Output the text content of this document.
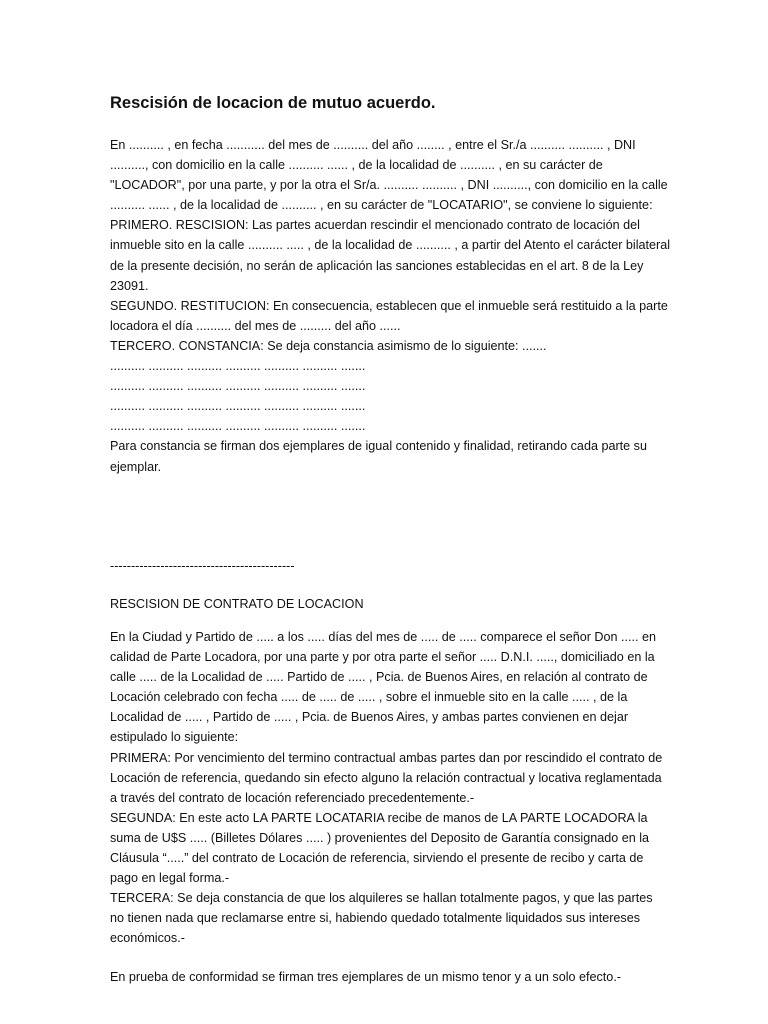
Rescisión de locacion de mutuo acuerdo.

En .......... , en fecha ........... del mes de .......... del año ........ , entre el Sr./a .......... .......... , DNI .........., con domicilio en la calle .......... ...... , de la localidad de .......... , en su carácter de "LOCADOR", por una parte, y por la otra el Sr/a. .......... .......... , DNI .........., con domicilio en la calle .......... ...... , de la localidad de .......... , en su carácter de "LOCATARIO", se conviene lo siguiente:

PRIMERO. RESCISION: Las partes acuerdan rescindir el mencionado contrato de locación del inmueble sito en la calle .......... ..... , de la localidad de .......... , a partir del Atento el carácter bilateral de la presente decisión, no serán de aplicación las sanciones establecidas en el art. 8 de la Ley 23091.

SEGUNDO. RESTITUCION: En consecuencia, establecen que el inmueble será restituido a la parte locadora el día .......... del mes de ......... del año ......

TERCERO. CONSTANCIA: Se deja constancia asimismo de lo siguiente: .......

.......... .......... .......... .......... .......... .......... .......

.......... .......... .......... .......... .......... .......... .......

.......... .......... .......... .......... .......... .......... .......

.......... .......... .......... .......... .......... .......... .......

Para constancia se firman dos ejemplares de igual contenido y finalidad, retirando cada parte su ejemplar.

--------------------------------------------
RESCISION DE CONTRATO DE LOCACION

En la Ciudad y Partido de ..... a los ..... días del mes de ..... de ..... comparece el señor Don ..... en calidad de Parte Locadora, por una parte y por otra parte el señor ..... D.N.I. ....., domiciliado en la calle ..... de la Localidad de ..... Partido de ..... , Pcia. de Buenos Aires, en relación al contrato de Locación celebrado con fecha ..... de ..... de ..... , sobre el inmueble sito en la calle ..... , de la Localidad de ..... , Partido de ..... , Pcia. de Buenos Aires, y ambas partes convienen en dejar estipulado lo siguiente:

PRIMERA: Por vencimiento del termino contractual ambas partes dan por rescindido el contrato de Locación de referencia, quedando sin efecto alguno la relación contractual y locativa reglamentada a través del contrato de locación referenciado precedentemente.-

SEGUNDA: En este acto LA PARTE LOCATARIA recibe de manos de LA PARTE LOCADORA la suma de U$S ..... (Billetes Dólares ..... ) provenientes del Deposito de Garantía consignado en la Cláusula “.....” del contrato de Locación de referencia, sirviendo el presente de recibo y carta de pago en legal forma.-

TERCERA: Se deja constancia de que los alquileres se hallan totalmente pagos, y que las partes no tienen nada que reclamarse entre si, habiendo quedado totalmente liquidados sus intereses económicos.-

En prueba de conformidad se firman tres ejemplares de un mismo tenor y a un solo efecto.-
